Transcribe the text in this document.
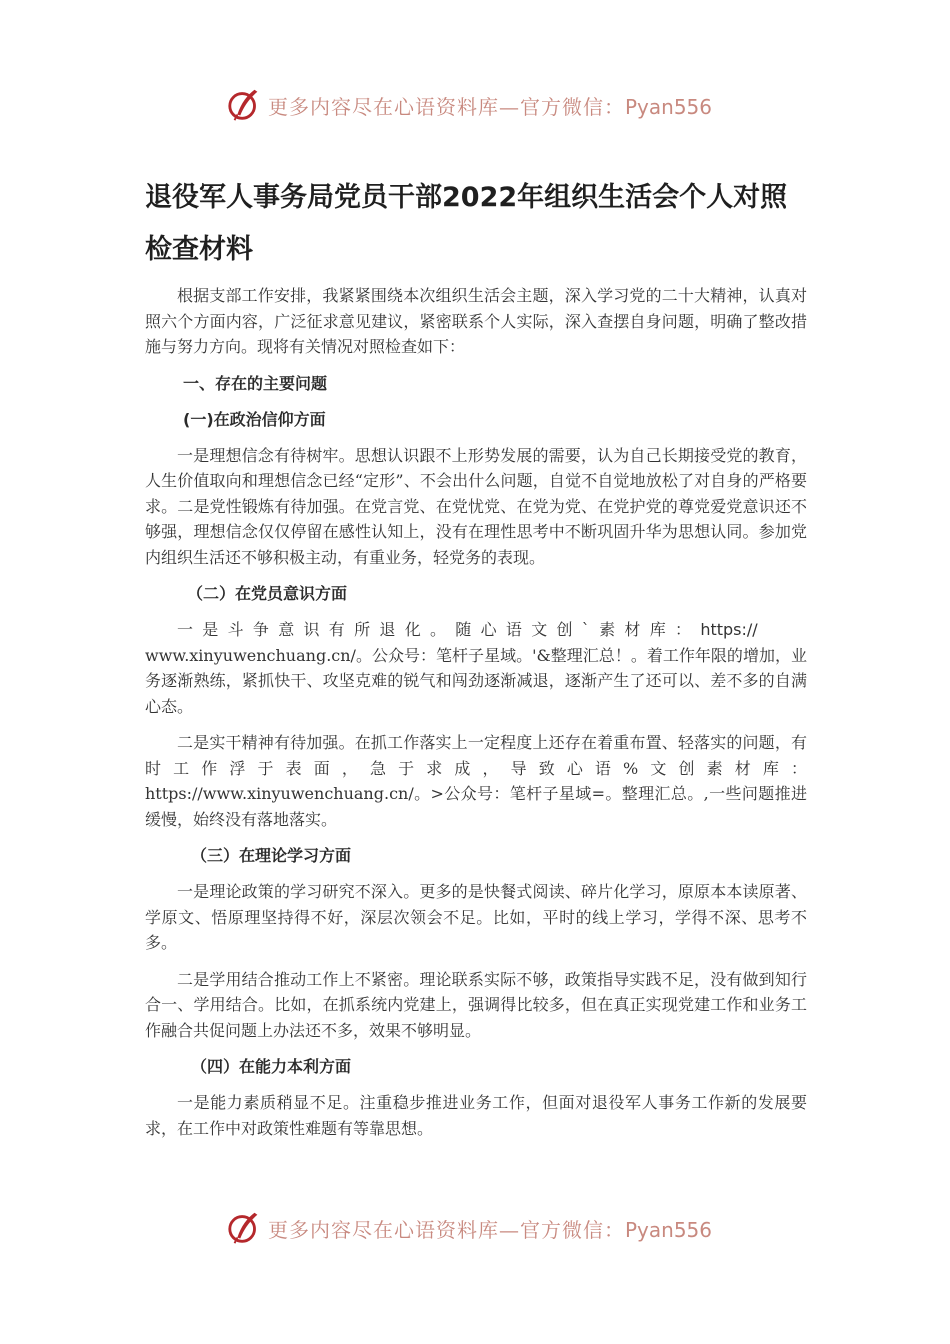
更多内容尽在心语资料库—官方微信：Pyan556
退役军人事务局党员干部2022年组织生活会个人对照检查材料

根据支部工作安排，我紧紧围绕本次组织生活会主题，深入学习党的二十大精神，认真对照六个方面内容，广泛征求意见建议，紧密联系个人实际，深入查摆自身问题，明确了整改措施与努力方向。现将有关情况对照检查如下：

一、存在的主要问题

(一)在政治信仰方面

一是理想信念有待树牢。思想认识跟不上形势发展的需要，认为自己长期接受党的教育，人生价值取向和理想信念已经“定形”、不会出什么问题，自觉不自觉地放松了对自身的严格要求。二是党性锻炼有待加强。在党言党、在党忧党、在党为党、在党护党的尊党爱党意识还不够强，理想信念仅仅停留在感性认知上，没有在理性思考中不断巩固升华为思想认同。参加党内组织生活还不够积极主动，有重业务，轻党务的表现。

（二）在党员意识方面

一是斗争意识有所退化。随心语文创`素材库：https://
www.xinyuwenchuang.cn/。公众号：笔杆子星域。'&整理汇总！。着工作年限的增加，业务逐渐熟练，紧抓快干、攻坚克难的锐气和闯劲逐渐减退，逐渐产生了还可以、差不多的自满心态。

二是实干精神有待加强。在抓工作落实上一定程度上还存在着重布置、轻落实的问题，有时工作浮于表面，急于求成，导致心语%文创素材库：https://www.xinyuwenchuang.cn/。>公众号：笔杆子星域=。整理汇总。,一些问题推进缓慢，始终没有落地落实。

（三）在理论学习方面

一是理论政策的学习研究不深入。更多的是快餐式阅读、碎片化学习，原原本本读原著、学原文、悟原理坚持得不好，深层次领会不足。比如，平时的线上学习，学得不深、思考不多。

二是学用结合推动工作上不紧密。理论联系实际不够，政策指导实践不足，没有做到知行合一、学用结合。比如，在抓系统内党建上，强调得比较多，但在真正实现党建工作和业务工作融合共促问题上办法还不多，效果不够明显。

（四）在能力本利方面

一是能力素质稍显不足。注重稳步推进业务工作，但面对退役军人事务工作新的发展要求，在工作中对政策性难题有等靠思想。

更多内容尽在心语资料库—官方微信：Pyan556
